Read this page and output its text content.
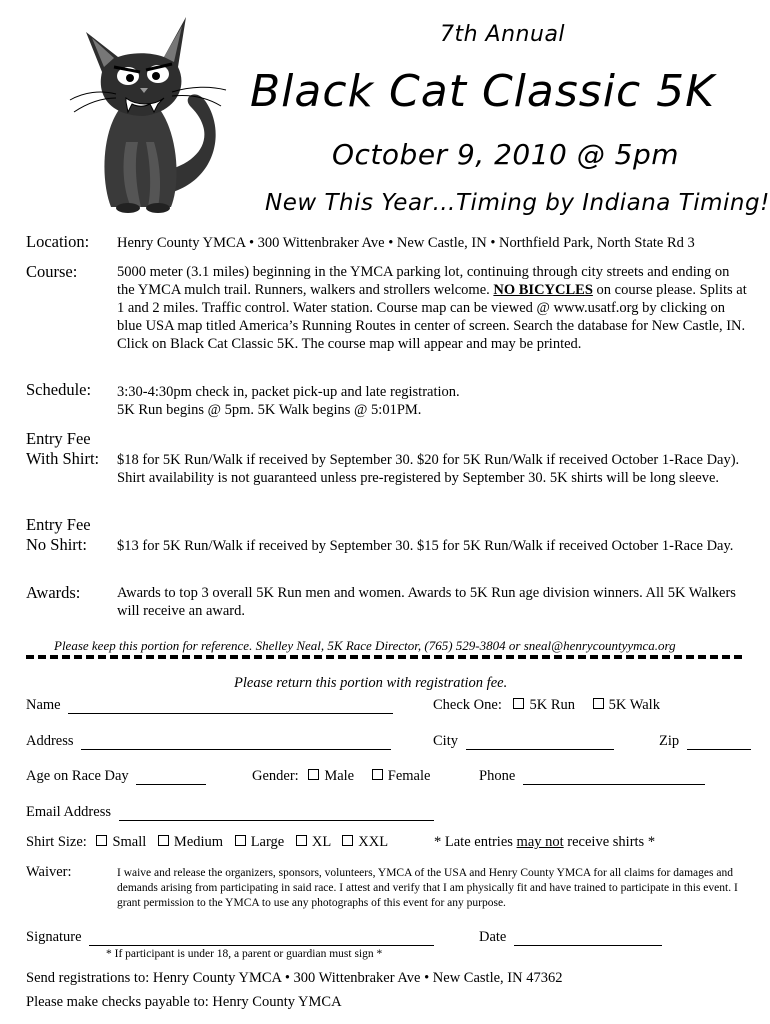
7th Annual
Black Cat Classic 5K
October 9, 2010 @ 5pm
New This Year…Timing by Indiana Timing!
Location: Henry County YMCA • 300 Wittenbraker Ave • New Castle, IN • Northfield Park, North State Rd 3
Course:	5000 meter (3.1 miles) beginning in the YMCA parking lot, continuing through city streets and ending on the YMCA mulch trail. Runners, walkers and strollers welcome. NO BICYCLES on course please. Splits at 1 and 2 miles. Traffic control. Water station. Course map can be viewed @ www.usatf.org by clicking on blue USA map titled America’s Running Routes in center of screen. Search the database for New Castle, IN. Click on Black Cat Classic 5K. The course map will appear and may be printed.
Schedule: 3:30-4:30pm check in, packet pick-up and late registration.
5K Run begins @ 5pm. 5K Walk begins @ 5:01PM.
Entry Fee
With Shirt: $18 for 5K Run/Walk if received by September 30. $20 for 5K Run/Walk if received October 1-Race Day). Shirt availability is not guaranteed unless pre-registered by September 30. 5K shirts will be long sleeve.
Entry Fee
No Shirt: $13 for 5K Run/Walk if received by September 30. $15 for 5K Run/Walk if received October 1-Race Day.
Awards:	Awards to top 3 overall 5K Run men and women. Awards to 5K Run age division winners. All 5K Walkers will receive an award.
Please keep this portion for reference. Shelley Neal, 5K Race Director, (765) 529-3804 or sneal@henrycountyymca.org
Please return this portion with registration fee.
Name	Check One: 5K Run 5K Walk
Address	City	Zip
Age on Race Day	Gender: Male Female	Phone
Email Address
Shirt Size: Small Medium Large XL XXL	* Late entries may not receive shirts *
Waiver:	I waive and release the organizers, sponsors, volunteers, YMCA of the USA and Henry County YMCA for all claims for damages and demands arising from participating in said race. I attest and verify that I am physically fit and have trained to participate in this event. I grant permission to the YMCA to use any photographs of this event for any purpose.
Signature	Date
* If participant is under 18, a parent or guardian must sign *
Send registrations to: Henry County YMCA • 300 Wittenbraker Ave • New Castle, IN 47362
Please make checks payable to: Henry County YMCA
